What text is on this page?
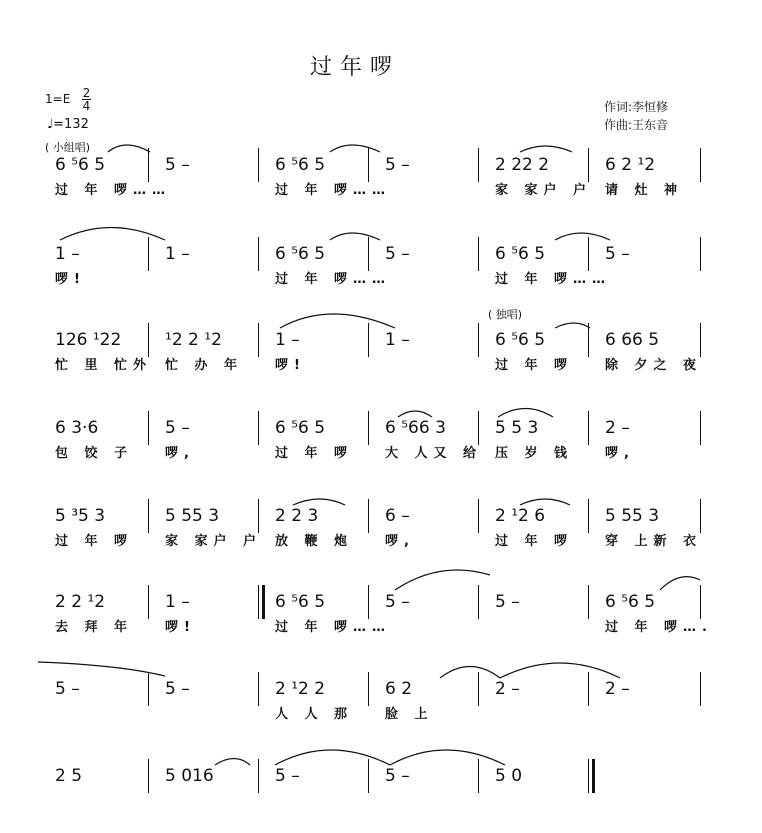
过年啰
$1=E \frac{2}{4}$
♩=132
作词:李恒修
作曲:王东音
( 小组唱)
( 独唱)
6 ⁵6 5	5 –	6 ⁵6 5	5 –	2 22 2	6 2 ¹2
过 年 啰……	过 年 啰……	家 家户 户 请 灶 神
1 –	1 –	6 ⁵6 5	5 –	6 ⁵6 5	5 –
啰!	过 年 啰……	过 年 啰……
126 ¹22	¹2 2 ¹2	1 –	1 –	6 ⁵6 5	6 66 5
忙 里 忙外 忙 办 年 啰!	过 年 啰 除 夕之 夜
6 3·6	5 –	6 ⁵6 5	6 ⁵66 3	5 5 3	2 –
包 饺 子 啰,	过 年 啰 大 人又 给 压 岁 钱 啰,
5 ³5 3	5 55 3	2 2 3	6 –	2 ¹2 6	5 55 3
过 年 啰 家 家户 户 放 鞭 炮 啰,	过 年 啰 穿 上新 衣
2 2 ¹2	1 –	6 ⁵6 5	5 –	5 –	6 ⁵6 5
去 拜 年 啰!	过 年 啰……	过 年 啰….
5 –	5 –	2 ¹2 2	6 2	2 –	2 –
人 人 那 脸 上
2 5	5 016	5 –	5 –	5 0
